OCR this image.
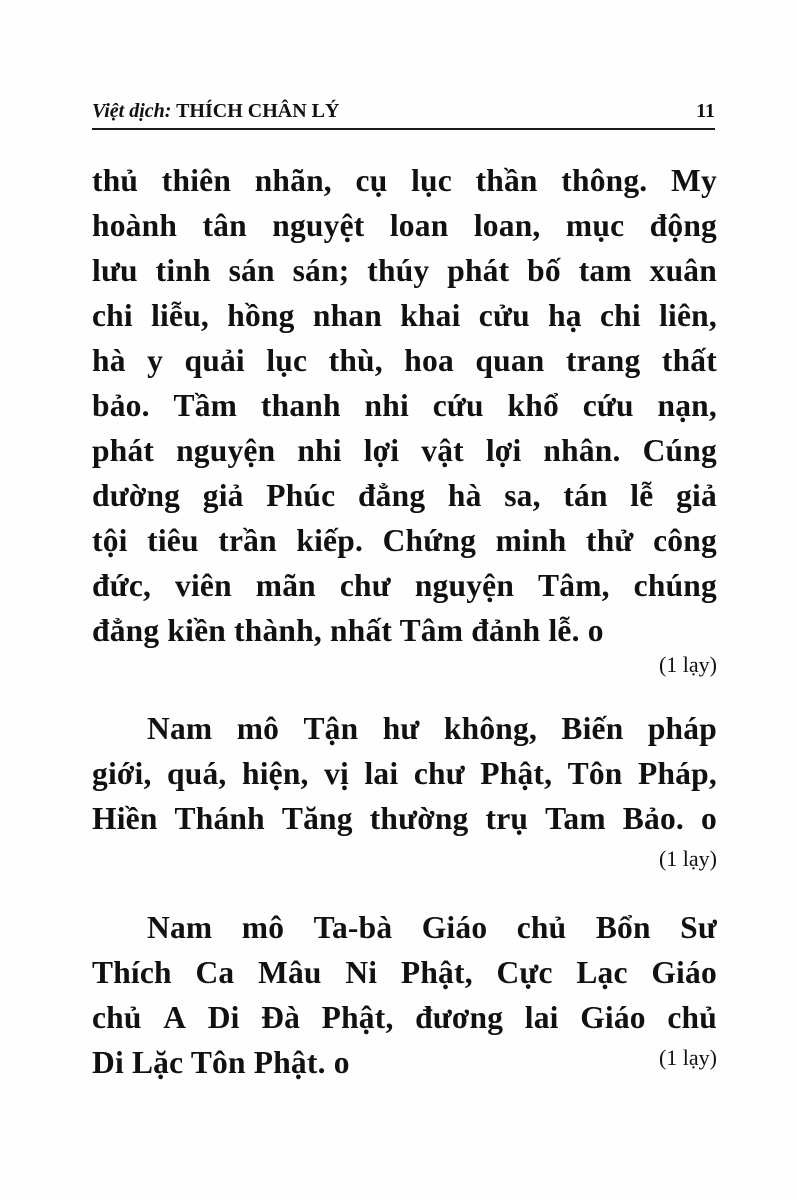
Việt dịch: THÍCH CHÂN LÝ	11
thủ thiên nhãn, cụ lục thần thông. My
hoành tân nguyệt loan loan, mục động
lưu tinh sán sán; thúy phát bố tam xuân
chi liễu, hồng nhan khai cửu hạ chi liên,
hà y quải lục thù, hoa quan trang thất
bảo. Tầm thanh nhi cứu khổ cứu nạn,
phát nguyện nhi lợi vật lợi nhân. Cúng
dường giả Phúc đẳng hà sa, tán lễ giả
tội tiêu trần kiếp. Chứng minh thử công
đức, viên mãn chư nguyện Tâm, chúng
đẳng kiền thành, nhất Tâm đảnh lễ. o
(1 lạy)
Nam mô Tận hư không, Biến pháp
giới, quá, hiện, vị lai chư Phật, Tôn Pháp,
Hiền Thánh Tăng thường trụ Tam Bảo. o
(1 lạy)
Nam mô Ta-bà Giáo chủ Bổn Sư
Thích Ca Mâu Ni Phật, Cực Lạc Giáo
chủ A Di Đà Phật, đương lai Giáo chủ
Di Lặc Tôn Phật. o	(1 lạy)
